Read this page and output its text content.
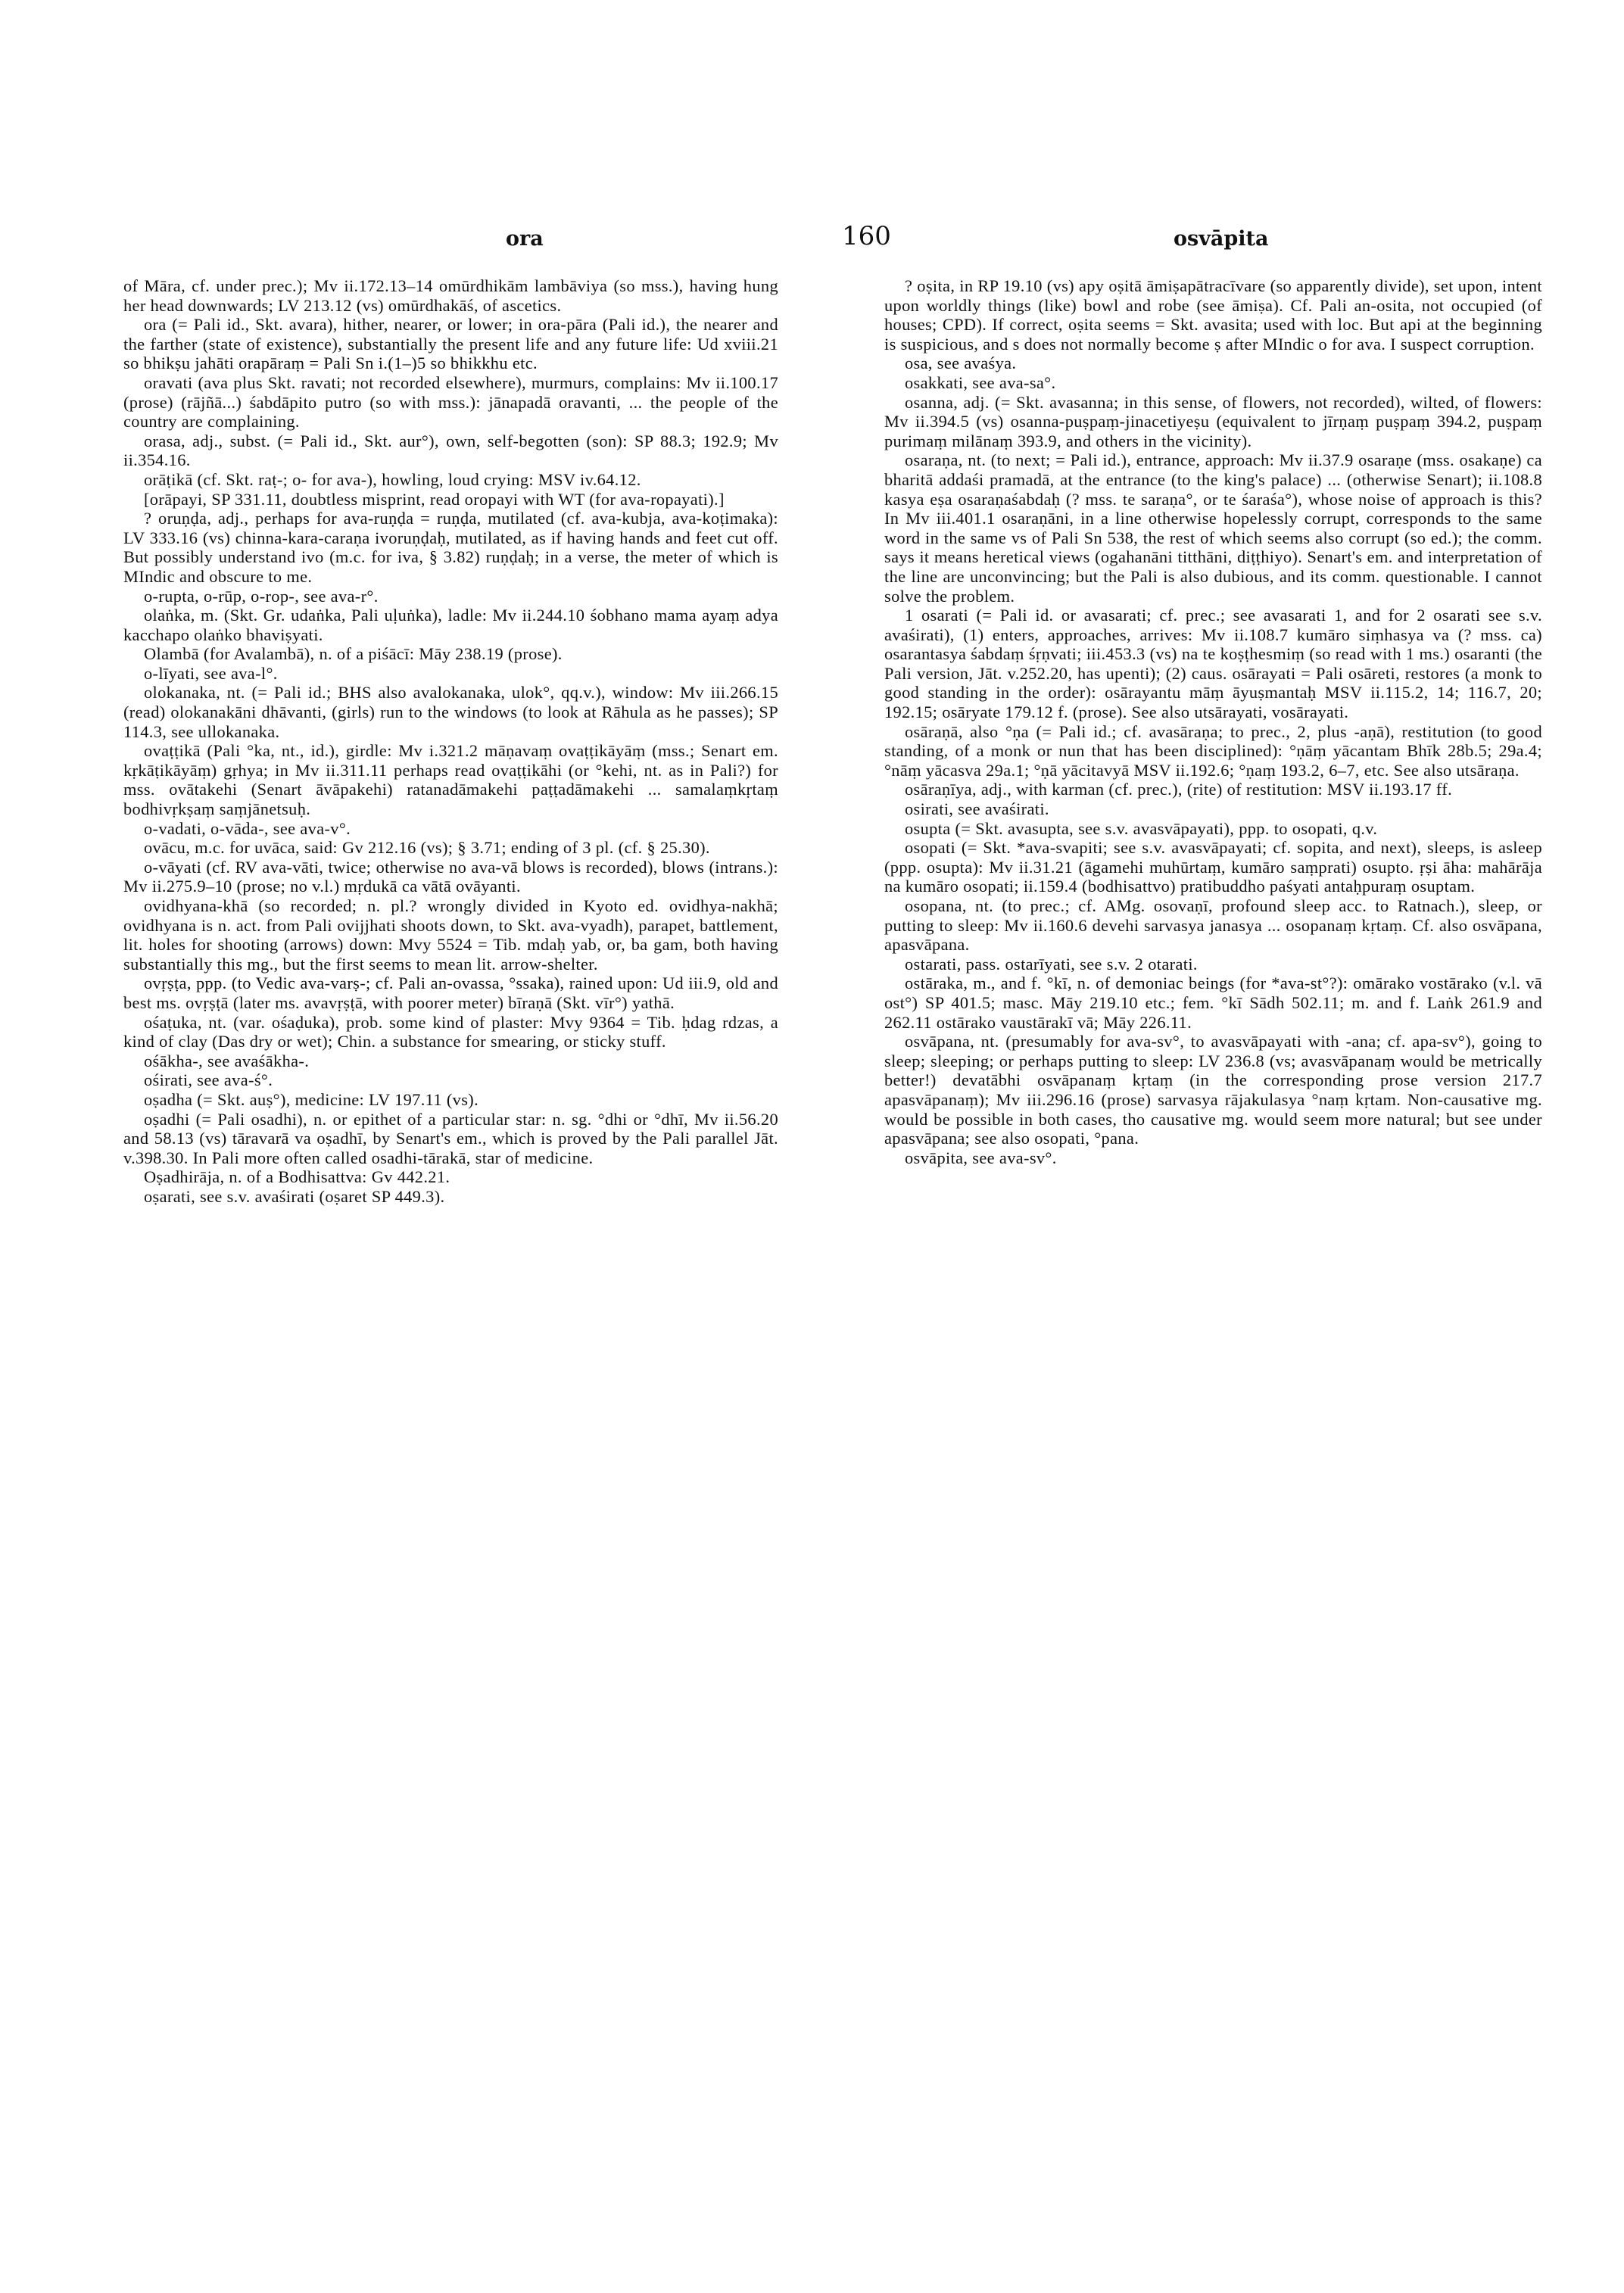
ora	160	osvāpita

of Māra, cf. under prec.); Mv ii.172.13–14 omūrdhikām lambāviya (so mss.), having hung her head downwards; LV 213.12 (vs) omūrdhakāś, of ascetics.

ora (= Pali id., Skt. avara), hither, nearer, or lower; in ora-pāra (Pali id.), the nearer and the farther (state of existence), substantially the present life and any future life: Ud xviii.21 so bhikṣu jahāti orapāraṃ = Pali Sn i.(1–)5 so bhikkhu etc.

oravati (ava plus Skt. ravati; not recorded elsewhere), murmurs, complains: Mv ii.100.17 (prose) (rājñā...) śabdāpito putro (so with mss.): jānapadā oravanti, ... the people of the country are complaining.

orasa, adj., subst. (= Pali id., Skt. aur°), own, self-begotten (son): SP 88.3; 192.9; Mv ii.354.16.

orāṭikā (cf. Skt. raṭ-; o- for ava-), howling, loud crying: MSV iv.64.12.

[orāpayi, SP 331.11, doubtless misprint, read oropayi with WT (for ava-ropayati).]

? oruṇḍa, adj., perhaps for ava-ruṇḍa = ruṇḍa, mutilated (cf. ava-kubja, ava-koṭimaka): LV 333.16 (vs) chinna-kara-caraṇa ivoruṇḍaḥ, mutilated, as if having hands and feet cut off. But possibly understand ivo (m.c. for iva, § 3.82) ruṇḍaḥ; in a verse, the meter of which is MIndic and obscure to me.

o-rupta, o-rūp, o-rop-, see ava-r°.

olaṅka, m. (Skt. Gr. udaṅka, Pali uḷuṅka), ladle: Mv ii.244.10 śobhano mama ayaṃ adya kacchapo olaṅko bhaviṣyati.

Olambā (for Avalambā), n. of a piśācī: Māy 238.19 (prose).

o-līyati, see ava-l°.

olokanaka, nt. (= Pali id.; BHS also avalokanaka, ulok°, qq.v.), window: Mv iii.266.15 (read) olokanakāni dhāvanti, (girls) run to the windows (to look at Rāhula as he passes); SP 114.3, see ullokanaka.

ovaṭṭikā (Pali °ka, nt., id.), girdle: Mv i.321.2 māṇavaṃ ovaṭṭikāyāṃ (mss.; Senart em. kṛkāṭikāyāṃ) gṛhya; in Mv ii.311.11 perhaps read ovaṭṭikāhi (or °kehi, nt. as in Pali?) for mss. ovātakehi (Senart āvāpakehi) ratanadāmakehi paṭṭadāmakehi ... samalaṃkṛtaṃ bodhivṛkṣaṃ saṃjānetsuḥ.

o-vadati, o-vāda-, see ava-v°.

ovācu, m.c. for uvāca, said: Gv 212.16 (vs); § 3.71; ending of 3 pl. (cf. § 25.30).

o-vāyati (cf. RV ava-vāti, twice; otherwise no ava-vā blows is recorded), blows (intrans.): Mv ii.275.9–10 (prose; no v.l.) mṛdukā ca vātā ovāyanti.

ovidhyana-khā (so recorded; n. pl.? wrongly divided in Kyoto ed. ovidhya-nakhā; ovidhyana is n. act. from Pali ovijjhati shoots down, to Skt. ava-vyadh), parapet, battlement, lit. holes for shooting (arrows) down: Mvy 5524 = Tib. mdaḥ yab, or, ba gam, both having substantially this mg., but the first seems to mean lit. arrow-shelter.

ovṛṣṭa, ppp. (to Vedic ava-varṣ-; cf. Pali an-ovassa, °ssaka), rained upon: Ud iii.9, old and best ms. ovṛṣṭā (later ms. avavṛṣṭā, with poorer meter) bīraṇā (Skt. vīr°) yathā.

ośaṭuka, nt. (var. ośaḍuka), prob. some kind of plaster: Mvy 9364 = Tib. ḥdag rdzas, a kind of clay (Das dry or wet); Chin. a substance for smearing, or sticky stuff.

ośākha-, see avaśākha-.

ośirati, see ava-ś°.

oṣadha (= Skt. auṣ°), medicine: LV 197.11 (vs).

oṣadhi (= Pali osadhi), n. or epithet of a particular star: n. sg. °dhi or °dhī, Mv ii.56.20 and 58.13 (vs) tāravarā va oṣadhī, by Senart's em., which is proved by the Pali parallel Jāt. v.398.30. In Pali more often called osadhi-tārakā, star of medicine.

Oṣadhirāja, n. of a Bodhisattva: Gv 442.21.

oṣarati, see s.v. avaśirati (oṣaret SP 449.3).

? oṣita, in RP 19.10 (vs) apy oṣitā āmiṣapātracīvare (so apparently divide), set upon, intent upon worldly things (like) bowl and robe (see āmiṣa). Cf. Pali an-osita, not occupied (of houses; CPD). If correct, oṣita seems = Skt. avasita; used with loc. But api at the beginning is suspicious, and s does not normally become ṣ after MIndic o for ava. I suspect corruption.

osa, see avaśya.

osakkati, see ava-sa°.

osanna, adj. (= Skt. avasanna; in this sense, of flowers, not recorded), wilted, of flowers: Mv ii.394.5 (vs) osanna-puṣpaṃ-jinacetiyeṣu (equivalent to jīrṇaṃ puṣpaṃ 394.2, puṣpaṃ purimaṃ milānaṃ 393.9, and others in the vicinity).

osaraṇa, nt. (to next; = Pali id.), entrance, approach: Mv ii.37.9 osaraṇe (mss. osakaṇe) ca bharitā addaśi pramadā, at the entrance (to the king's palace) ... (otherwise Senart); ii.108.8 kasya eṣa osaraṇaśabdaḥ (? mss. te saraṇa°, or te śaraśa°), whose noise of approach is this? In Mv iii.401.1 osaraṇāni, in a line otherwise hopelessly corrupt, corresponds to the same word in the same vs of Pali Sn 538, the rest of which seems also corrupt (so ed.); the comm. says it means heretical views (ogahanāni titthāni, diṭṭhiyo). Senart's em. and interpretation of the line are unconvincing; but the Pali is also dubious, and its comm. questionable. I cannot solve the problem.

1 osarati (= Pali id. or avasarati; cf. prec.; see avasarati 1, and for 2 osarati see s.v. avaśirati), (1) enters, approaches, arrives: Mv ii.108.7 kumāro siṃhasya va (? mss. ca) osarantasya śabdaṃ śṛṇvati; iii.453.3 (vs) na te koṣṭhesmiṃ (so read with 1 ms.) osaranti (the Pali version, Jāt. v.252.20, has upenti); (2) caus. osārayati = Pali osāreti, restores (a monk to good standing in the order): osārayantu māṃ āyuṣmantaḥ MSV ii.115.2, 14; 116.7, 20; 192.15; osāryate 179.12 f. (prose). See also utsārayati, vosārayati.

osāraṇā, also °ṇa (= Pali id.; cf. avasāraṇa; to prec., 2, plus -aṇā), restitution (to good standing, of a monk or nun that has been disciplined): °ṇāṃ yācantam Bhīk 28b.5; 29a.4; °nāṃ yācasva 29a.1; °ṇā yācitavyā MSV ii.192.6; °ṇaṃ 193.2, 6–7, etc. See also utsāraṇa.

osāraṇīya, adj., with karman (cf. prec.), (rite) of restitution: MSV ii.193.17 ff.

osirati, see avaśirati.

osupta (= Skt. avasupta, see s.v. avasvāpayati), ppp. to osopati, q.v.

osopati (= Skt. *ava-svapiti; see s.v. avasvāpayati; cf. sopita, and next), sleeps, is asleep (ppp. osupta): Mv ii.31.21 (āgamehi muhūrtaṃ, kumāro saṃprati) osupto. ṛṣi āha: mahārāja na kumāro osopati; ii.159.4 (bodhisattvo) pratibuddho paśyati antaḥpuraṃ osuptam.

osopana, nt. (to prec.; cf. AMg. osovaṇī, profound sleep acc. to Ratnach.), sleep, or putting to sleep: Mv ii.160.6 devehi sarvasya janasya ... osopanaṃ kṛtaṃ. Cf. also osvāpana, apasvāpana.

ostarati, pass. ostarīyati, see s.v. 2 otarati.

ostāraka, m., and f. °kī, n. of demoniac beings (for *ava-st°?): omārako vostārako (v.l. vā ost°) SP 401.5; masc. Māy 219.10 etc.; fem. °kī Sādh 502.11; m. and f. Laṅk 261.9 and 262.11 ostārako vaustārakī vā; Māy 226.11.

osvāpana, nt. (presumably for ava-sv°, to avasvāpayati with -ana; cf. apa-sv°), going to sleep; sleeping; or perhaps putting to sleep: LV 236.8 (vs; avasvāpanaṃ would be metrically better!) devatābhi osvāpanaṃ kṛtaṃ (in the corresponding prose version 217.7 apasvāpanaṃ); Mv iii.296.16 (prose) sarvasya rājakulasya °naṃ kṛtam. Non-causative mg. would be possible in both cases, tho causative mg. would seem more natural; but see under apasvāpana; see also osopati, °pana.

osvāpita, see ava-sv°.
